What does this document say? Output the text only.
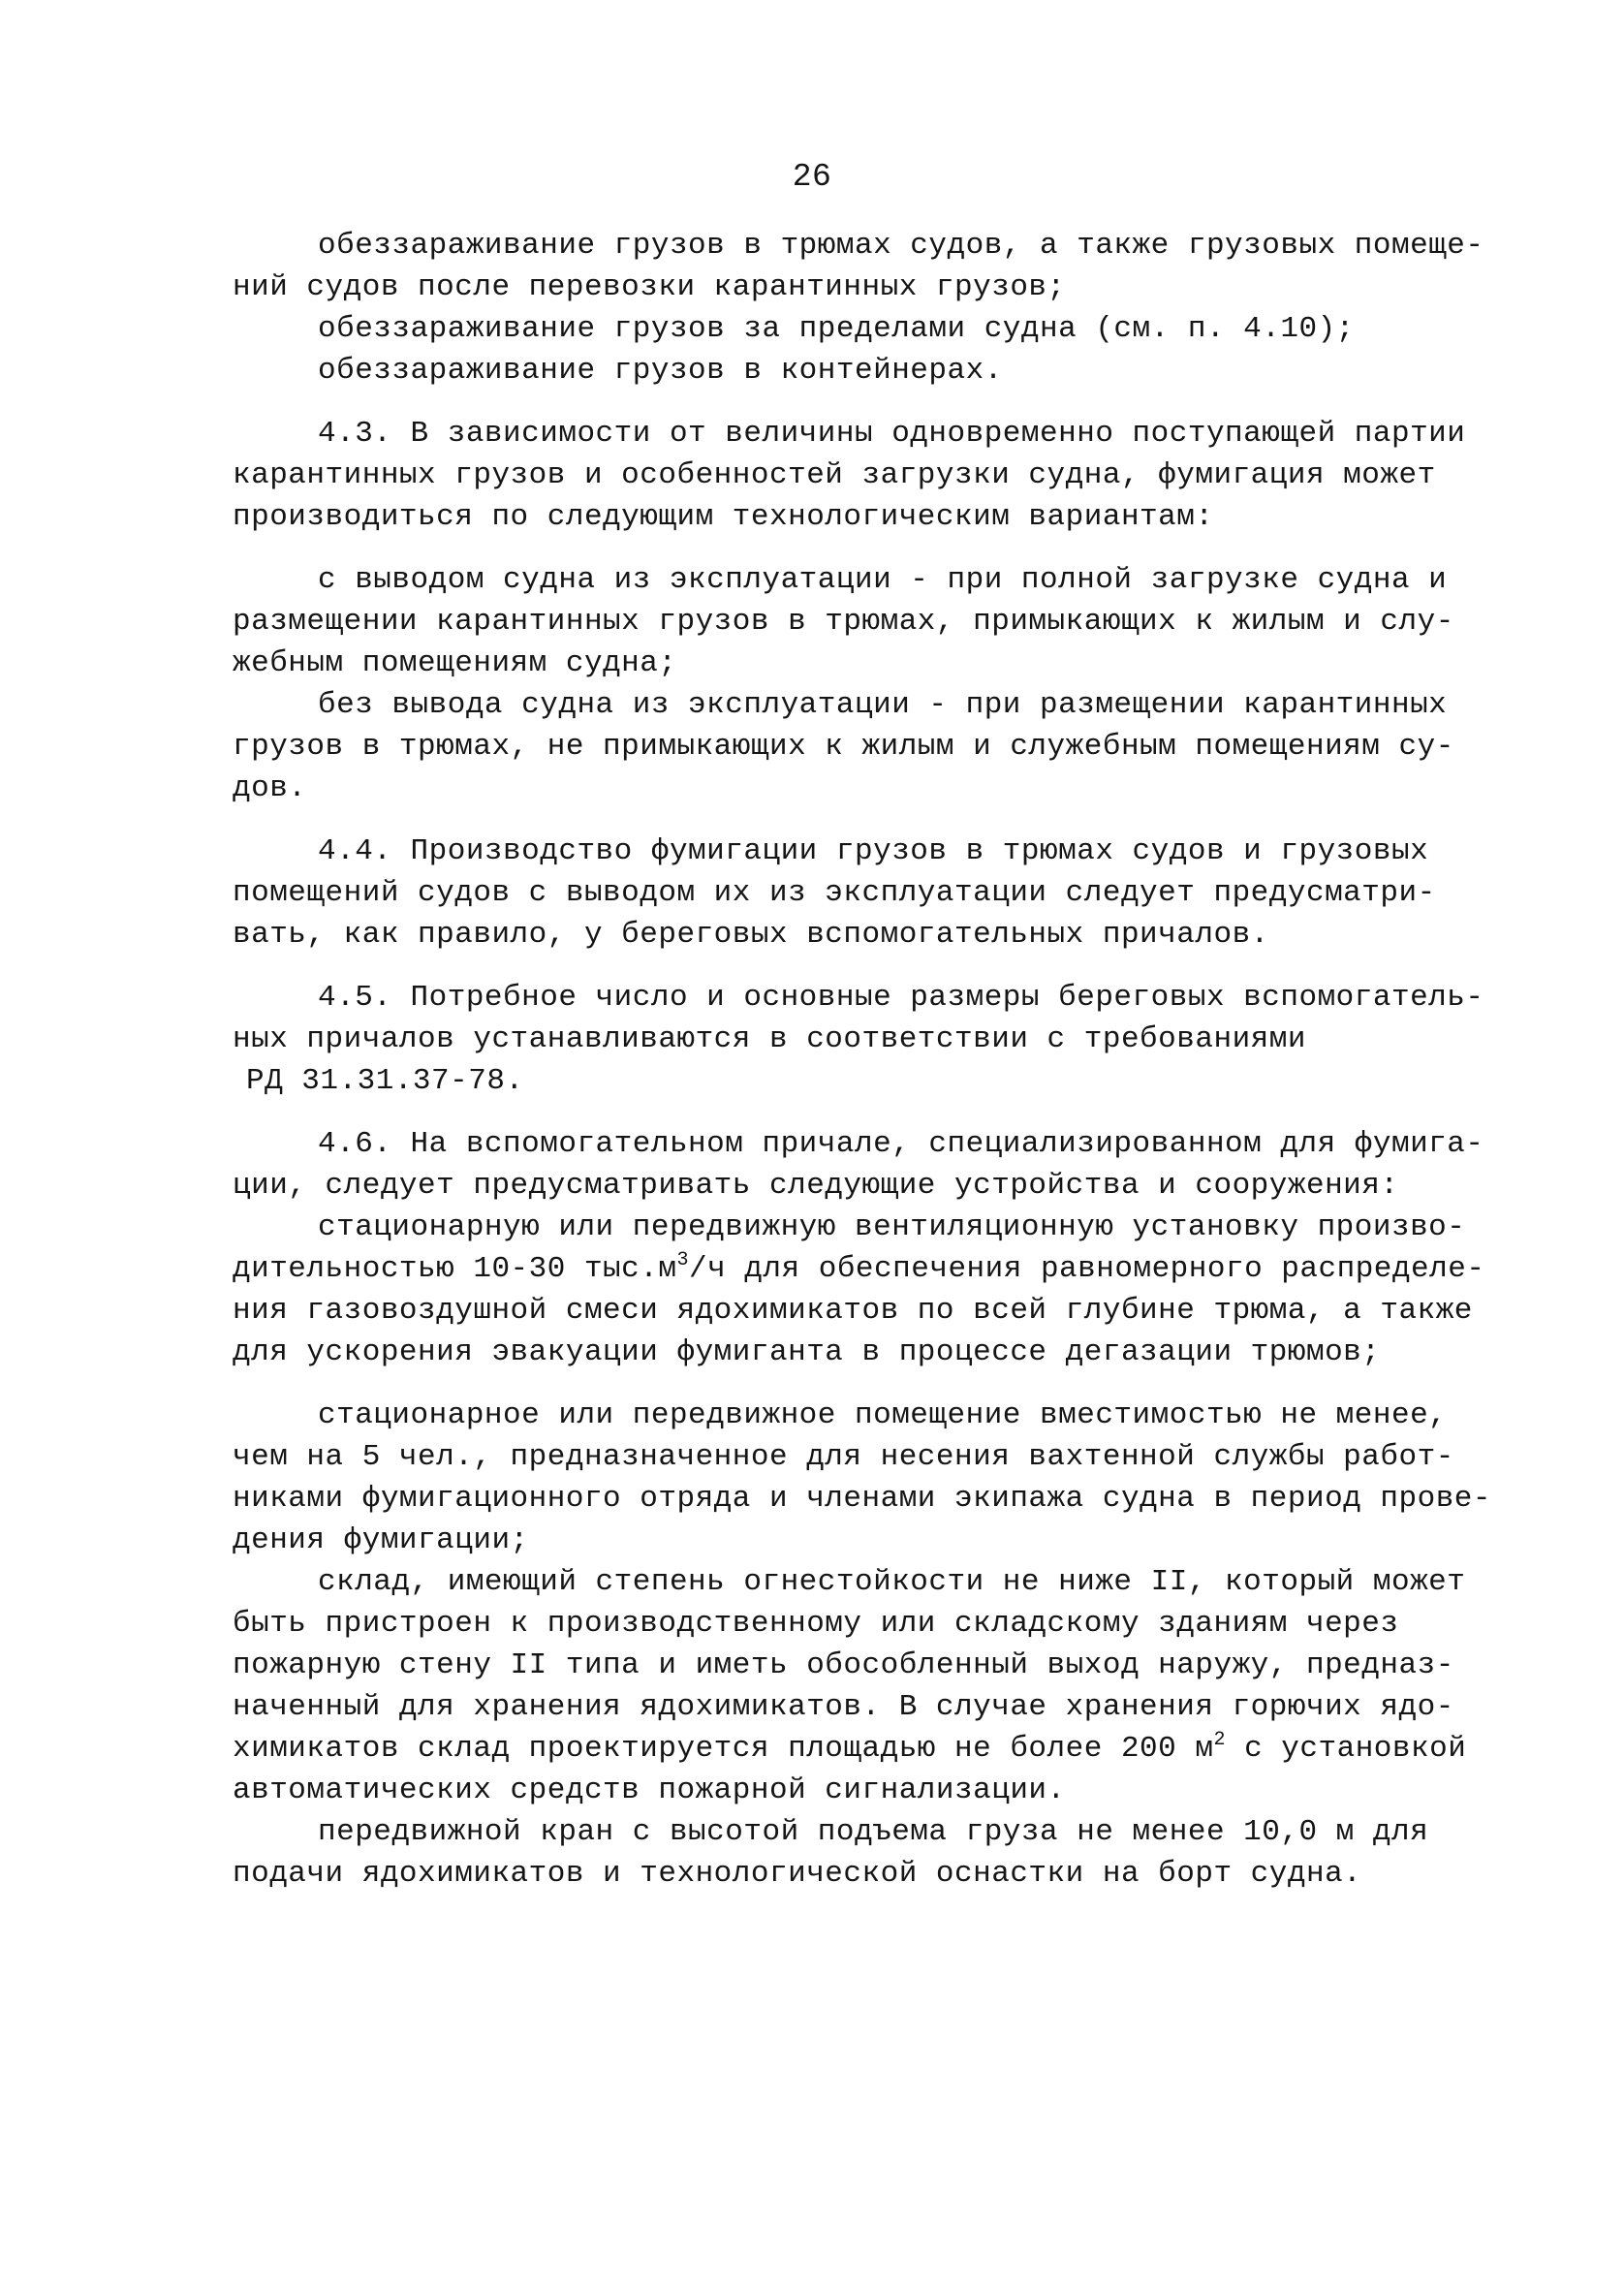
26
обеззараживание грузов в трюмах судов, а также грузовых помеще-
ний судов после перевозки карантинных грузов;
обеззараживание грузов за пределами судна (см. п. 4.10);
обеззараживание грузов в контейнерах.
4.3. В зависимости от величины одновременно поступающей партии
карантинных грузов и особенностей загрузки судна, фумигация может
производиться по следующим технологическим вариантам:
с выводом судна из эксплуатации - при полной загрузке судна и
размещении карантинных грузов в трюмах, примыкающих к жилым и слу-
жебным помещениям судна;
без вывода судна из эксплуатации - при размещении карантинных
грузов в трюмах, не примыкающих к жилым и служебным помещениям су-
дов.
4.4. Производство фумигации грузов в трюмах судов и грузовых
помещений судов с выводом их из эксплуатации следует предусматри-
вать, как правило, у береговых вспомогательных причалов.
4.5. Потребное число и основные размеры береговых вспомогатель-
ных причалов устанавливаются в соответствии с требованиями
РД 31.31.37-78.
4.6. На вспомогательном причале, специализированном для фумига-
ции, следует предусматривать следующие устройства и сооружения:
стационарную или передвижную вентиляционную установку произво-
дительностью 10-30 $тыс.м^3/ч$ для обеспечения равномерного распределе-
ния газовоздушной смеси ядохимикатов по всей глубине трюма, а также
для ускорения эвакуации фумиганта в процессе дегазации трюмов;
стационарное или передвижное помещение вместимостью не менее,
чем на 5 чел., предназначенное для несения вахтенной службы работ-
никами фумигационного отряда и членами экипажа судна в период прове-
дения фумигации;
склад, имеющий степень огнестойкости не ниже II, который может
быть пристроен к производственному или складскому зданиям через
пожарную стену II типа и иметь обособленный выход наружу, предназ-
наченный для хранения ядохимикатов. В случае хранения горючих ядо-
химикатов склад проектируется площадью не более 200 $м^2$ с установкой
автоматических средств пожарной сигнализации.
передвижной кран с высотой подъема груза не менее 10,0 м для
подачи ядохимикатов и технологической оснастки на борт судна.
